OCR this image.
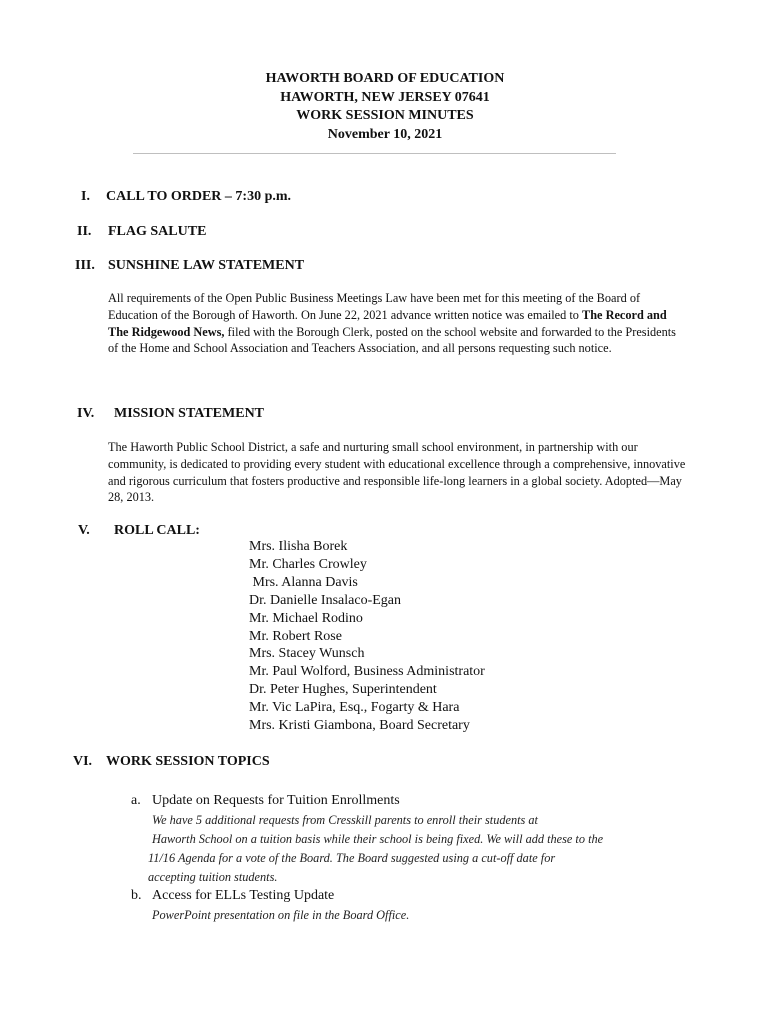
HAWORTH BOARD OF EDUCATION
HAWORTH, NEW JERSEY 07641
WORK SESSION MINUTES
November 10, 2021
I. CALL TO ORDER – 7:30 p.m.
II. FLAG SALUTE
III. SUNSHINE LAW STATEMENT
All requirements of the Open Public Business Meetings Law have been met for this meeting of the Board of Education of the Borough of Haworth. On June 22, 2021 advance written notice was emailed to The Record and The Ridgewood News, filed with the Borough Clerk, posted on the school website and forwarded to the Presidents of the Home and School Association and Teachers Association, and all persons requesting such notice.
IV. MISSION STATEMENT
The Haworth Public School District, a safe and nurturing small school environment, in partnership with our community, is dedicated to providing every student with educational excellence through a comprehensive, innovative and rigorous curriculum that fosters productive and responsible life-long learners in a global society. Adopted—May 28, 2013.
V. ROLL CALL:
Mrs. Ilisha Borek
Mr. Charles Crowley
Mrs. Alanna Davis
Dr. Danielle Insalaco-Egan
Mr. Michael Rodino
Mr. Robert Rose
Mrs. Stacey Wunsch
Mr. Paul Wolford, Business Administrator
Dr. Peter Hughes, Superintendent
Mr. Vic LaPira, Esq., Fogarty & Hara
Mrs. Kristi Giambona, Board Secretary
VI. WORK SESSION TOPICS
a. Update on Requests for Tuition Enrollments
We have 5 additional requests from Cresskill parents to enroll their students at
Haworth School on a tuition basis while their school is being fixed. We will add these to the
11/16 Agenda for a vote of the Board. The Board suggested using a cut-off date for
accepting tuition students.
b. Access for ELLs Testing Update
PowerPoint presentation on file in the Board Office.
